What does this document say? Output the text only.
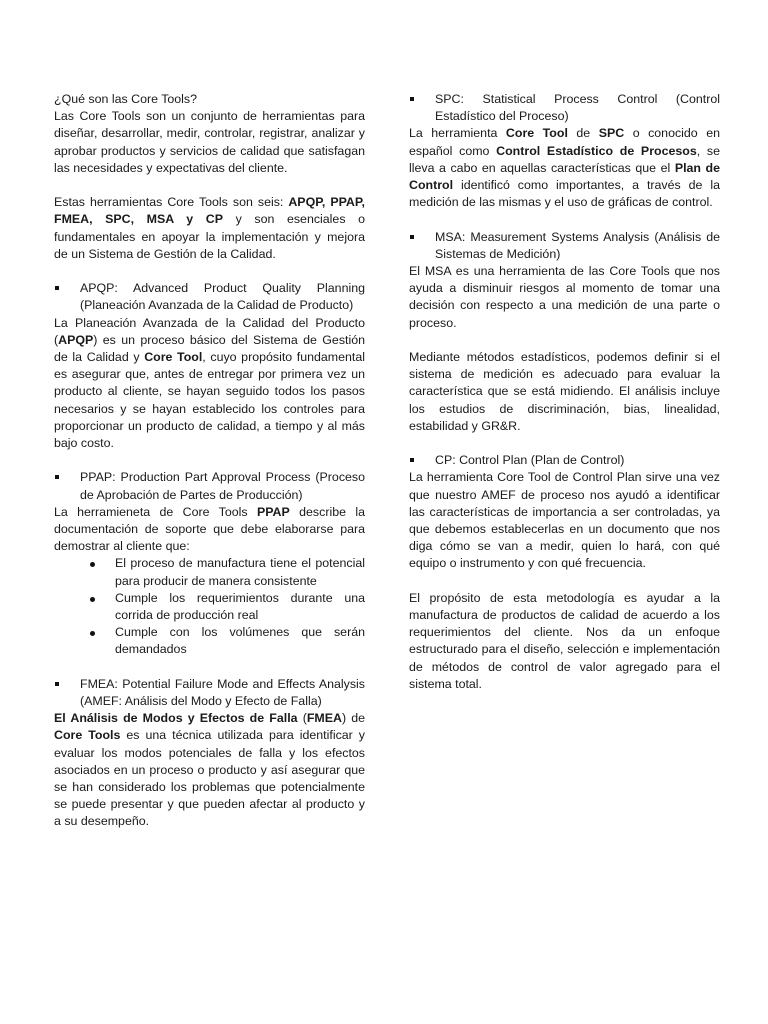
¿Qué son las Core Tools?

Las Core Tools son un conjunto de herramientas para diseñar, desarrollar, medir, controlar, registrar, analizar y aprobar productos y servicios de calidad que satisfagan las necesidades y expectativas del cliente.

Estas herramientas Core Tools son seis: APQP, PPAP, FMEA, SPC, MSA y CP y son esenciales o fundamentales en apoyar la implementación y mejora de un Sistema de Gestión de la Calidad.

APQP: Advanced Product Quality Planning (Planeación Avanzada de la Calidad de Producto)

La Planeación Avanzada de la Calidad del Producto (APQP) es un proceso básico del Sistema de Gestión de la Calidad y Core Tool, cuyo propósito fundamental es asegurar que, antes de entregar por primera vez un producto al cliente, se hayan seguido todos los pasos necesarios y se hayan establecido los controles para proporcionar un producto de calidad, a tiempo y al más bajo costo.

PPAP: Production Part Approval Process (Proceso de Aprobación de Partes de Producción)

La herramieneta de Core Tools PPAP describe la documentación de soporte que debe elaborarse para demostrar al cliente que:

El proceso de manufactura tiene el potencial para producir de manera consistente
Cumple los requerimientos durante una corrida de producción real
Cumple con los volúmenes que serán demandados
FMEA: Potential Failure Mode and Effects Analysis (AMEF: Análisis del Modo y Efecto de Falla)

El Análisis de Modos y Efectos de Falla (FMEA) de Core Tools es una técnica utilizada para identificar y evaluar los modos potenciales de falla y los efectos asociados en un proceso o producto y así asegurar que se han considerado los problemas que potencialmente se puede presentar y que pueden afectar al producto y a su desempeño.

SPC: Statistical Process Control (Control Estadístico del Proceso)

La herramienta Core Tool de SPC o conocido en español como Control Estadístico de Procesos, se lleva a cabo en aquellas características que el Plan de Control identificó como importantes, a través de la medición de las mismas y el uso de gráficas de control.

MSA: Measurement Systems Analysis (Análisis de Sistemas de Medición)

El MSA es una herramienta de las Core Tools que nos ayuda a disminuir riesgos al momento de tomar una decisión con respecto a una medición de una parte o proceso.

Mediante métodos estadísticos, podemos definir si el sistema de medición es adecuado para evaluar la característica que se está midiendo. El análisis incluye los estudios de discriminación, bias, linealidad, estabilidad y GR&R.

CP: Control Plan (Plan de Control)

La herramienta Core Tool de Control Plan sirve una vez que nuestro AMEF de proceso nos ayudó a identificar las características de importancia a ser controladas, ya que debemos establecerlas en un documento que nos diga cómo se van a medir, quien lo hará, con qué equipo o instrumento y con qué frecuencia.

El propósito de esta metodología es ayudar a la manufactura de productos de calidad de acuerdo a los requerimientos del cliente. Nos da un enfoque estructurado para el diseño, selección e implementación de métodos de control de valor agregado para el sistema total.
